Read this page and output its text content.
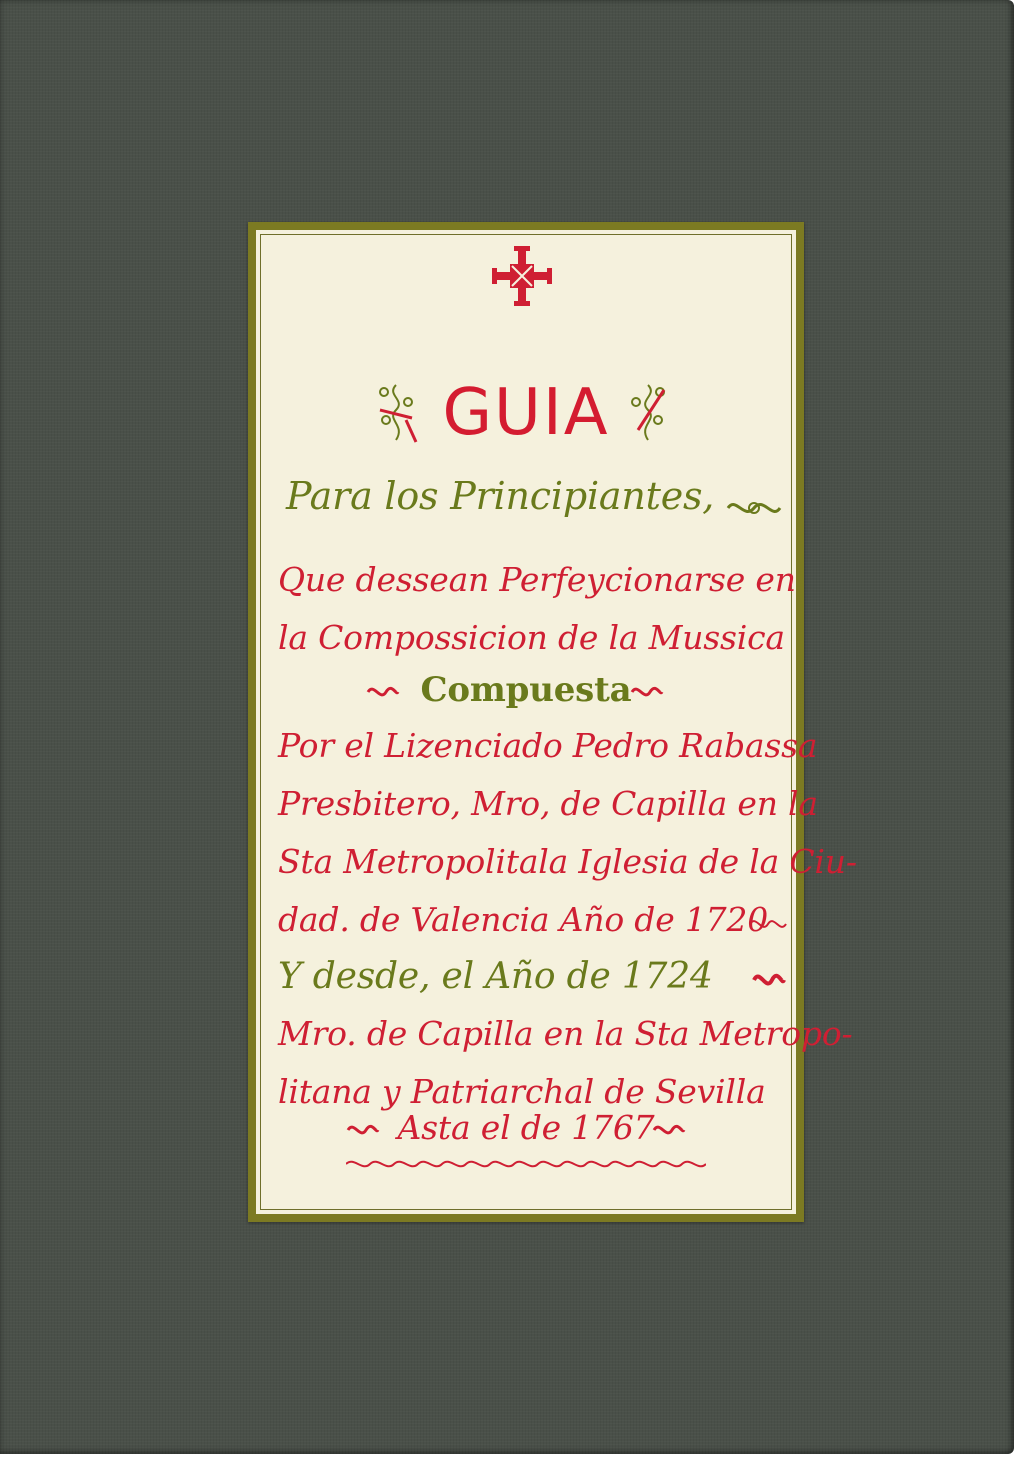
GUIA
Para los Principiantes,
Que dessean Perfeycionarse en
la Compossicion de la Mussica
Compuesta
Por el Lizenciado Pedro Rabassa
Presbitero, Mro, de Capilla en la
Sta Metropolitala Iglesia de la Ciu-
dad. de Valencia Año de 1720
Y desde, el Año de 1724
Mro. de Capilla en la Sta Metropo-
litana y Patriarchal de Sevilla
Asta el de 1767
